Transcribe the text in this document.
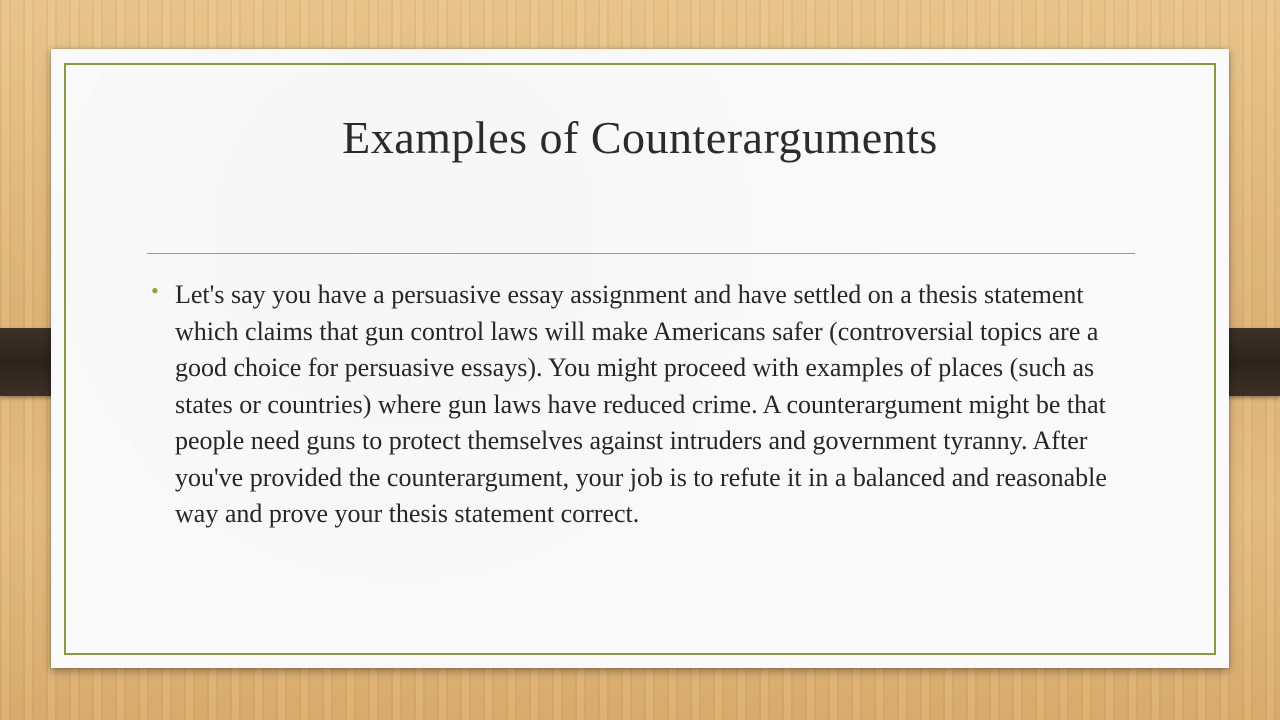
Examples of Counterarguments
• Let's say you have a persuasive essay assignment and have settled on a thesis statement which claims that gun control laws will make Americans safer (controversial topics are a good choice for persuasive essays). You might proceed with examples of places (such as states or countries) where gun laws have reduced crime. A counterargument might be that people need guns to protect themselves against intruders and government tyranny. After you've provided the counterargument, your job is to refute it in a balanced and reasonable way and prove your thesis statement correct.
